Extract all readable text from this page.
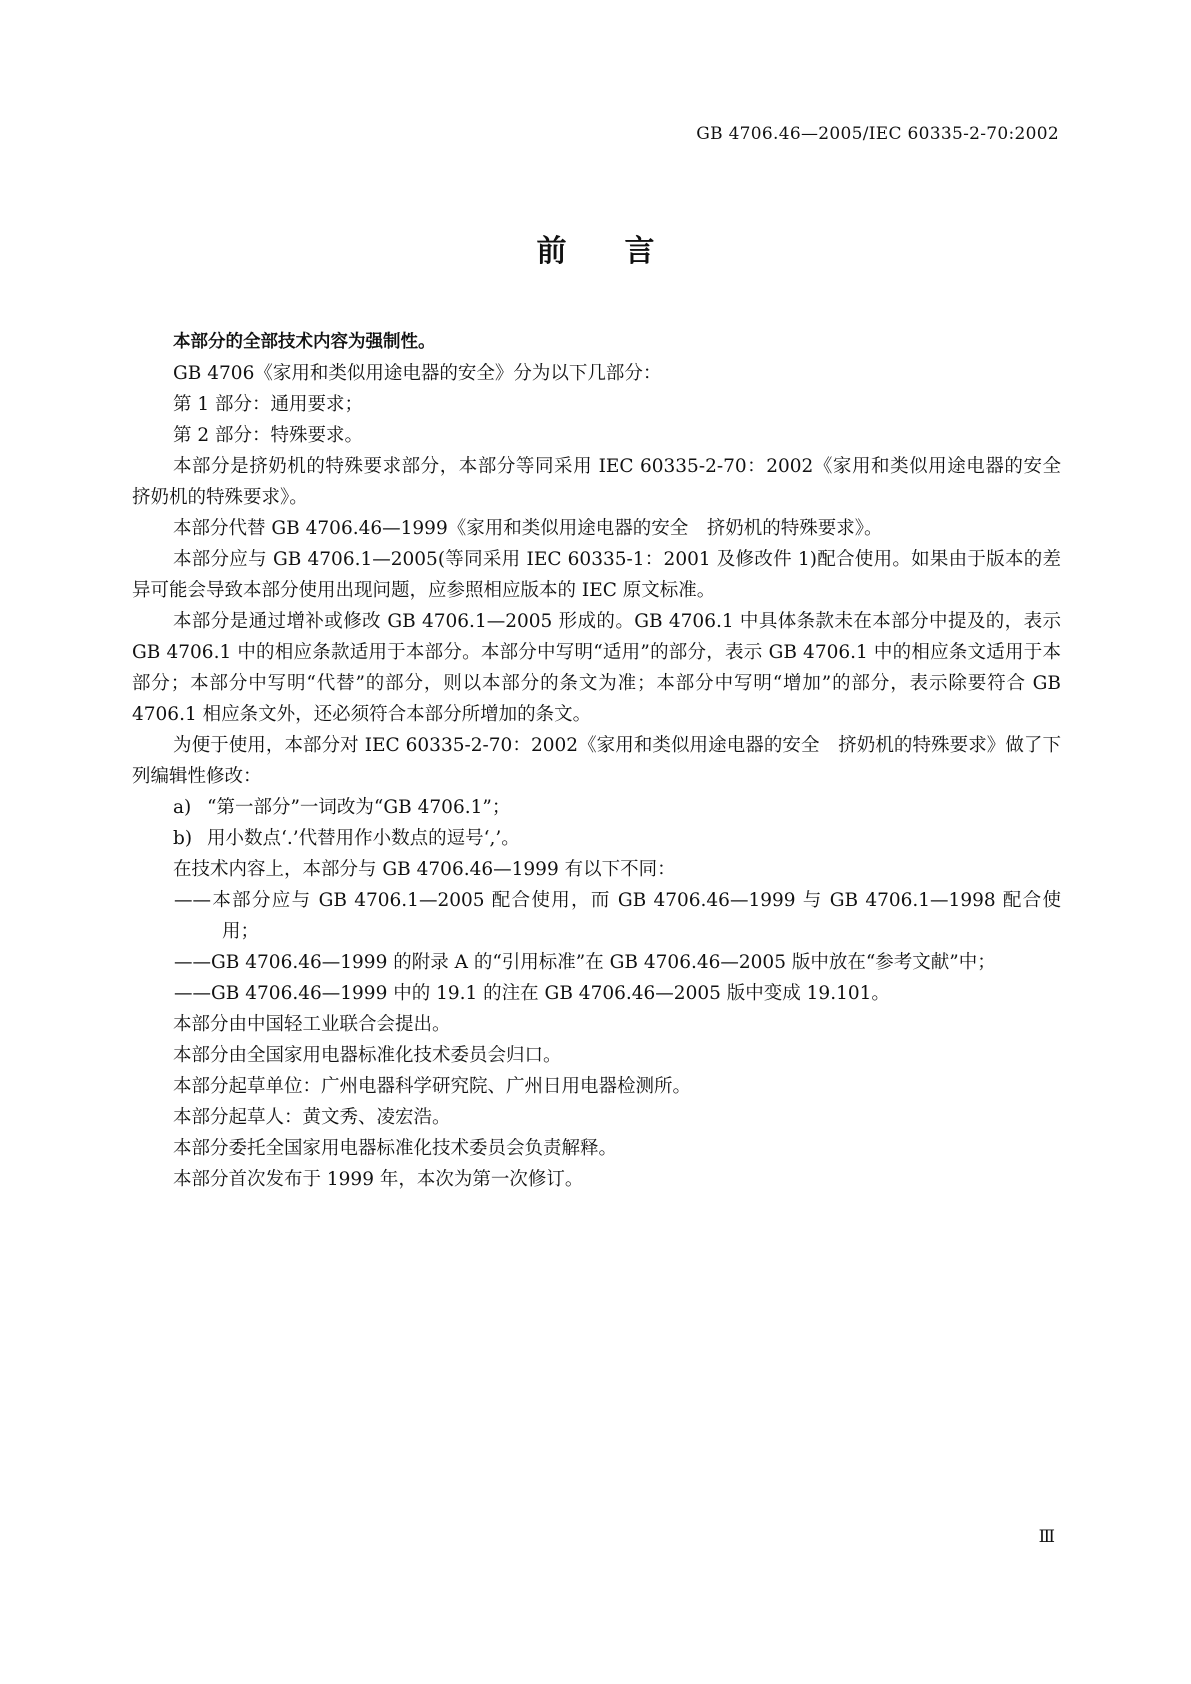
GB 4706.46—2005/IEC 60335-2-70:2002
前言

本部分的全部技术内容为强制性。

GB 4706《家用和类似用途电器的安全》分为以下几部分：

第 1 部分：通用要求；

第 2 部分：特殊要求。

本部分是挤奶机的特殊要求部分，本部分等同采用 IEC 60335-2-70：2002《家用和类似用途电器的安全　挤奶机的特殊要求》。

本部分代替 GB 4706.46—1999《家用和类似用途电器的安全　挤奶机的特殊要求》。

本部分应与 GB 4706.1—2005(等同采用 IEC 60335-1：2001 及修改件 1)配合使用。如果由于版本的差异可能会导致本部分使用出现问题，应参照相应版本的 IEC 原文标准。

本部分是通过增补或修改 GB 4706.1—2005 形成的。GB 4706.1 中具体条款未在本部分中提及的，表示 GB 4706.1 中的相应条款适用于本部分。本部分中写明“适用”的部分，表示 GB 4706.1 中的相应条文适用于本部分；本部分中写明“代替”的部分，则以本部分的条文为准；本部分中写明“增加”的部分，表示除要符合 GB 4706.1 相应条文外，还必须符合本部分所增加的条文。

为便于使用，本部分对 IEC 60335-2-70：2002《家用和类似用途电器的安全　挤奶机的特殊要求》做了下列编辑性修改：

a) “第一部分”一词改为“GB 4706.1”；
b) 用小数点‘.’代替用作小数点的逗号‘,’。

在技术内容上，本部分与 GB 4706.46—1999 有以下不同：

——本部分应与 GB 4706.1—2005 配合使用，而 GB 4706.46—1999 与 GB 4706.1—1998 配合使用；

——GB 4706.46—1999 的附录 A 的“引用标准”在 GB 4706.46—2005 版中放在“参考文献”中；

——GB 4706.46—1999 中的 19.1 的注在 GB 4706.46—2005 版中变成 19.101。

本部分由中国轻工业联合会提出。

本部分由全国家用电器标准化技术委员会归口。

本部分起草单位：广州电器科学研究院、广州日用电器检测所。

本部分起草人：黄文秀、凌宏浩。

本部分委托全国家用电器标准化技术委员会负责解释。

本部分首次发布于 1999 年，本次为第一次修订。

Ⅲ
